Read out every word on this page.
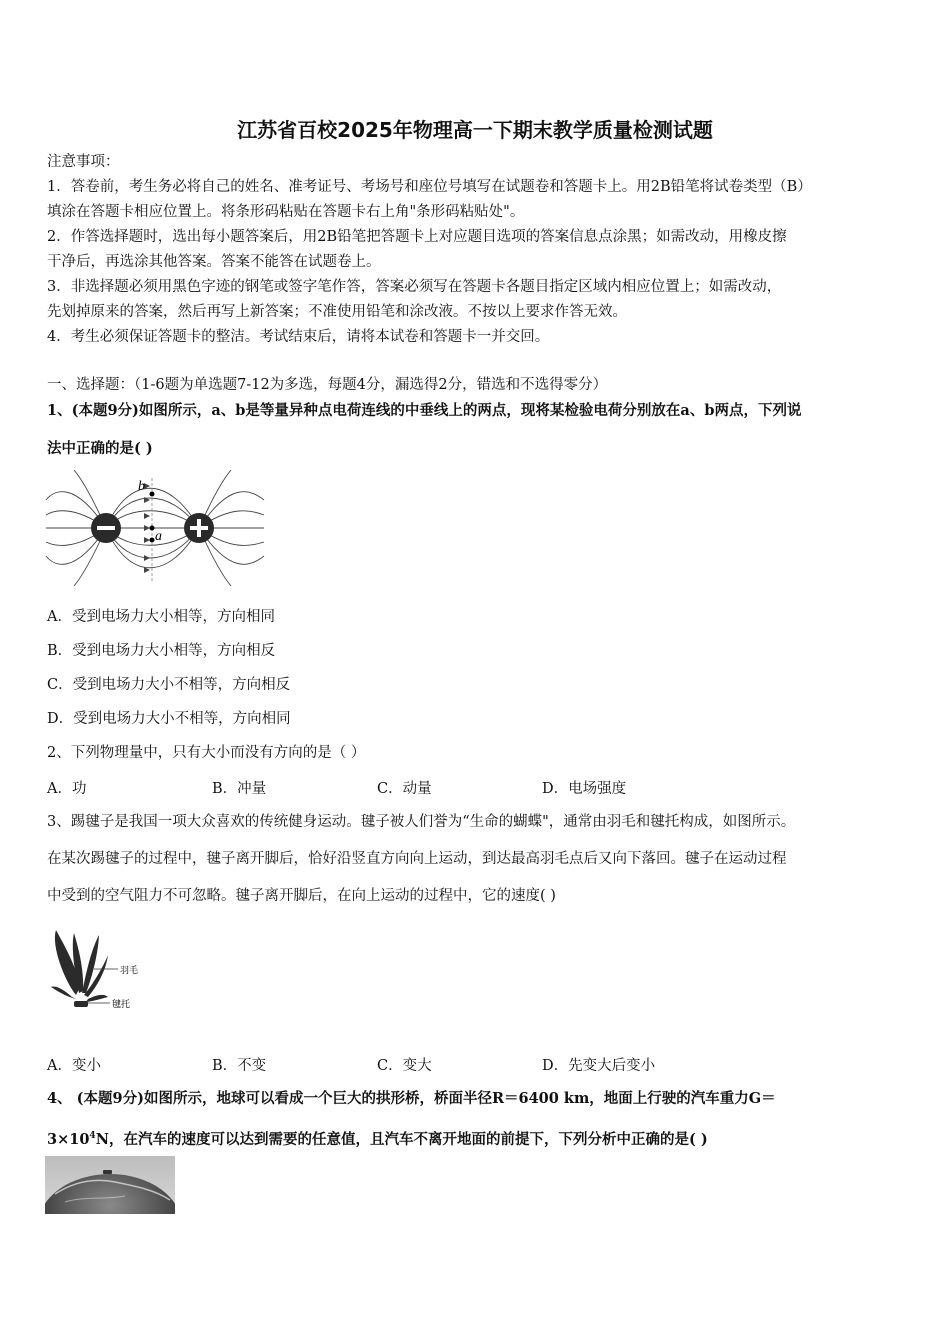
江苏省百校2025年物理高一下期末教学质量检测试题
注意事项：
1．答卷前，考生务必将自己的姓名、准考证号、考场号和座位号填写在试题卷和答题卡上。用2B铅笔将试卷类型（B）
填涂在答题卡相应位置上。将条形码粘贴在答题卡右上角"条形码粘贴处"。
2．作答选择题时，选出每小题答案后，用2B铅笔把答题卡上对应题目选项的答案信息点涂黑；如需改动，用橡皮擦
干净后，再选涂其他答案。答案不能答在试题卷上。
3．非选择题必须用黑色字迹的钢笔或签字笔作答，答案必须写在答题卡各题目指定区域内相应位置上；如需改动，
先划掉原来的答案，然后再写上新答案；不准使用铅笔和涂改液。不按以上要求作答无效。
4．考生必须保证答题卡的整洁。考试结束后，请将本试卷和答题卡一并交回。
一、选择题：（1-6题为单选题7-12为多选，每题4分，漏选得2分，错选和不选得零分）
1、(本题9分)如图所示，a、b是等量异种点电荷连线的中垂线上的两点，现将某检验电荷分别放在a、b两点，下列说
法中正确的是( )
b
a
A．受到电场力大小相等，方向相同
B．受到电场力大小相等，方向相反
C．受到电场力大小不相等，方向相反
D．受到电场力大小不相等，方向相同
2、下列物理量中，只有大小而没有方向的是（ ）
A．功	B．冲量	C．动量	D．电场强度
3、踢毽子是我国一项大众喜欢的传统健身运动。毽子被人们誉为“生命的蝴蝶"，通常由羽毛和毽托构成，如图所示。
在某次踢毽子的过程中，毽子离开脚后，恰好沿竖直方向向上运动，到达最高羽毛点后又向下落回。毽子在运动过程
中受到的空气阻力不可忽略。毽子离开脚后，在向上运动的过程中，它的速度( )
羽毛
毽托
A．变小	B．不变	C．变大	D．先变大后变小
4、 (本题9分)如图所示，地球可以看成一个巨大的拱形桥，桥面半径R＝6400 km，地面上行驶的汽车重力G＝
$3\times 10^4N$，在汽车的速度可以达到需要的任意值，且汽车不离开地面的前提下，下列分析中正确的是( )
